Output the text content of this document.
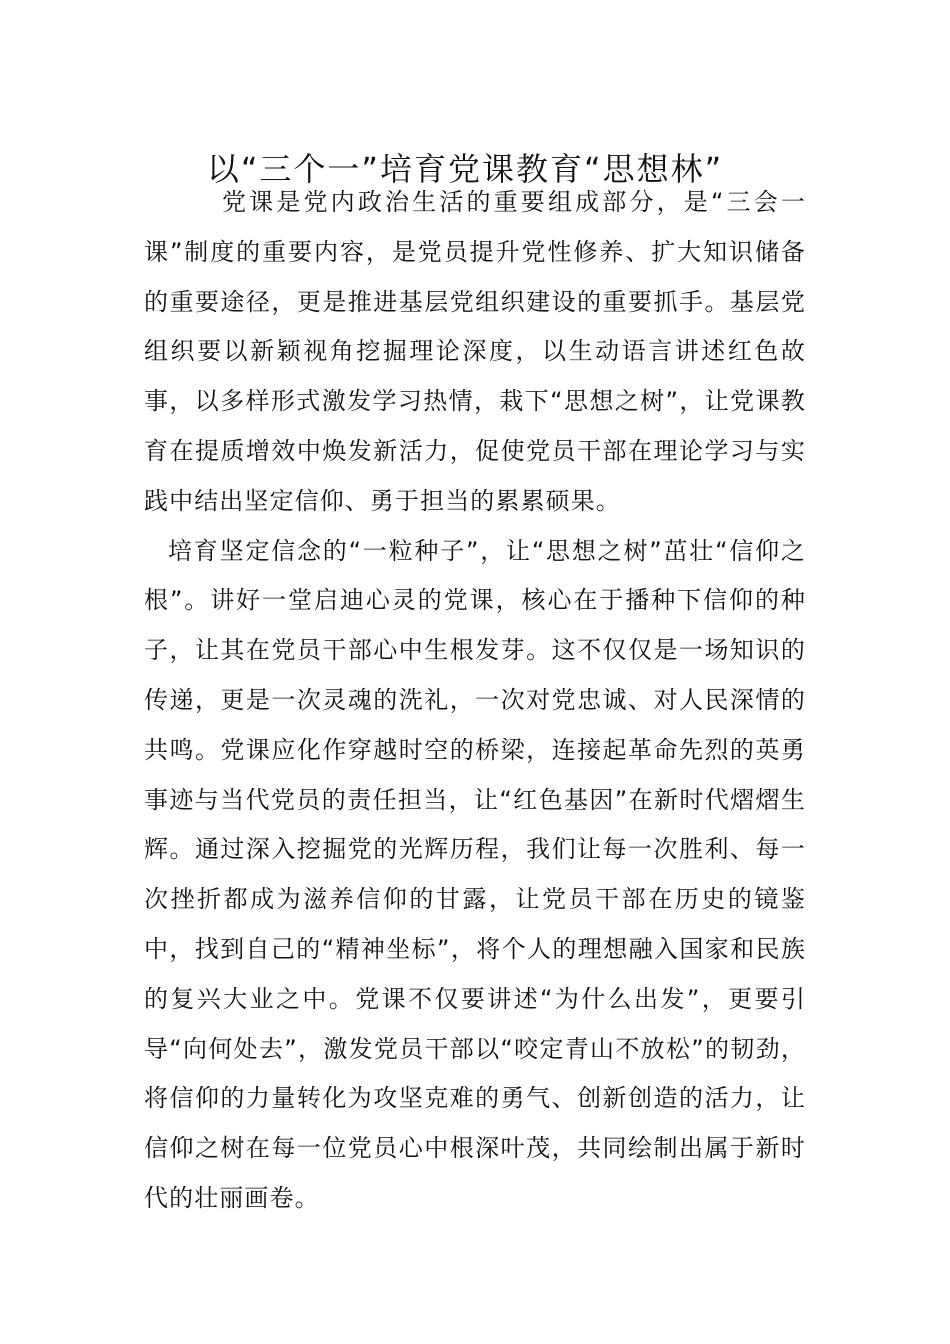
以“三个一”培育党课教育“思想林”

党课是党内政治生活的重要组成部分，是“三会一课”制度的重要内容，是党员提升党性修养、扩大知识储备的重要途径，更是推进基层党组织建设的重要抓手。基层党组织要以新颖视角挖掘理论深度，以生动语言讲述红色故事，以多样形式激发学习热情，栽下“思想之树”，让党课教育在提质增效中焕发新活力，促使党员干部在理论学习与实践中结出坚定信仰、勇于担当的累累硕果。

培育坚定信念的“一粒种子”，让“思想之树”茁壮“信仰之根”。讲好一堂启迪心灵的党课，核心在于播种下信仰的种子，让其在党员干部心中生根发芽。这不仅仅是一场知识的传递，更是一次灵魂的洗礼，一次对党忠诚、对人民深情的共鸣。党课应化作穿越时空的桥梁，连接起革命先烈的英勇事迹与当代党员的责任担当，让“红色基因”在新时代熠熠生辉。通过深入挖掘党的光辉历程，我们让每一次胜利、每一次挫折都成为滋养信仰的甘露，让党员干部在历史的镜鉴中，找到自己的“精神坐标”，将个人的理想融入国家和民族的复兴大业之中。党课不仅要讲述“为什么出发”，更要引导“向何处去”，激发党员干部以“咬定青山不放松”的韧劲，将信仰的力量转化为攻坚克难的勇气、创新创造的活力，让信仰之树在每一位党员心中根深叶茂，共同绘制出属于新时代的壮丽画卷。
